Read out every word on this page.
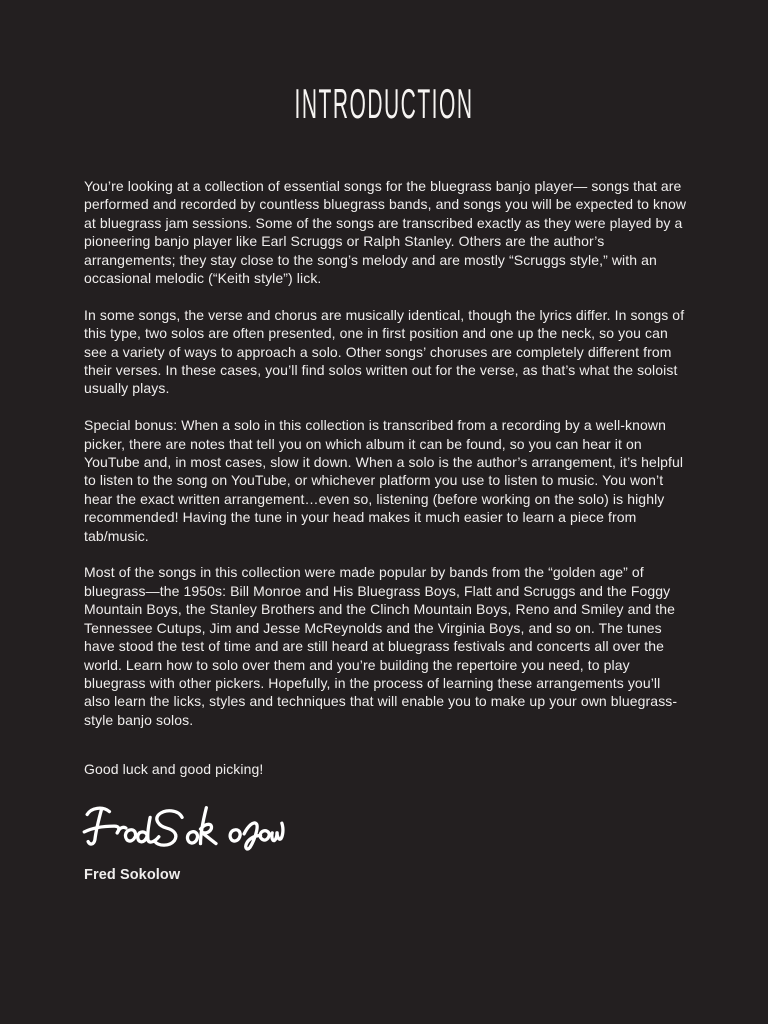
INTRODUCTION

You’re looking at a collection of essential songs for the bluegrass banjo player— songs that are performed and recorded by countless bluegrass bands, and songs you will be expected to know at bluegrass jam sessions. Some of the songs are transcribed exactly as they were played by a pioneering banjo player like Earl Scruggs or Ralph Stanley. Others are the author’s arrangements; they stay close to the song’s melody and are mostly “Scruggs style,” with an occasional melodic (“Keith style”) lick.

In some songs, the verse and chorus are musically identical, though the lyrics differ. In songs of this type, two solos are often presented, one in first position and one up the neck, so you can see a variety of ways to approach a solo. Other songs’ choruses are completely different from their verses. In these cases, you’ll find solos written out for the verse, as that’s what the soloist usually plays.

Special bonus: When a solo in this collection is transcribed from a recording by a well-known picker, there are notes that tell you on which album it can be found, so you can hear it on YouTube and, in most cases, slow it down. When a solo is the author’s arrangement, it’s helpful to listen to the song on YouTube, or whichever platform you use to listen to music. You won’t hear the exact written arrangement…even so, listening (before working on the solo) is highly recommended! Having the tune in your head makes it much easier to learn a piece from tab/music.

Most of the songs in this collection were made popular by bands from the “golden age” of bluegrass—the 1950s: Bill Monroe and His Bluegrass Boys, Flatt and Scruggs and the Foggy Mountain Boys, the Stanley Brothers and the Clinch Mountain Boys, Reno and Smiley and the Tennessee Cutups, Jim and Jesse McReynolds and the Virginia Boys, and so on. The tunes have stood the test of time and are still heard at bluegrass festivals and concerts all over the world. Learn how to solo over them and you’re building the repertoire you need, to play bluegrass with other pickers. Hopefully, in the process of learning these arrangements you’ll also learn the licks, styles and techniques that will enable you to make up your own bluegrass-style banjo solos.

Good luck and good picking!

Fred Sokolow
